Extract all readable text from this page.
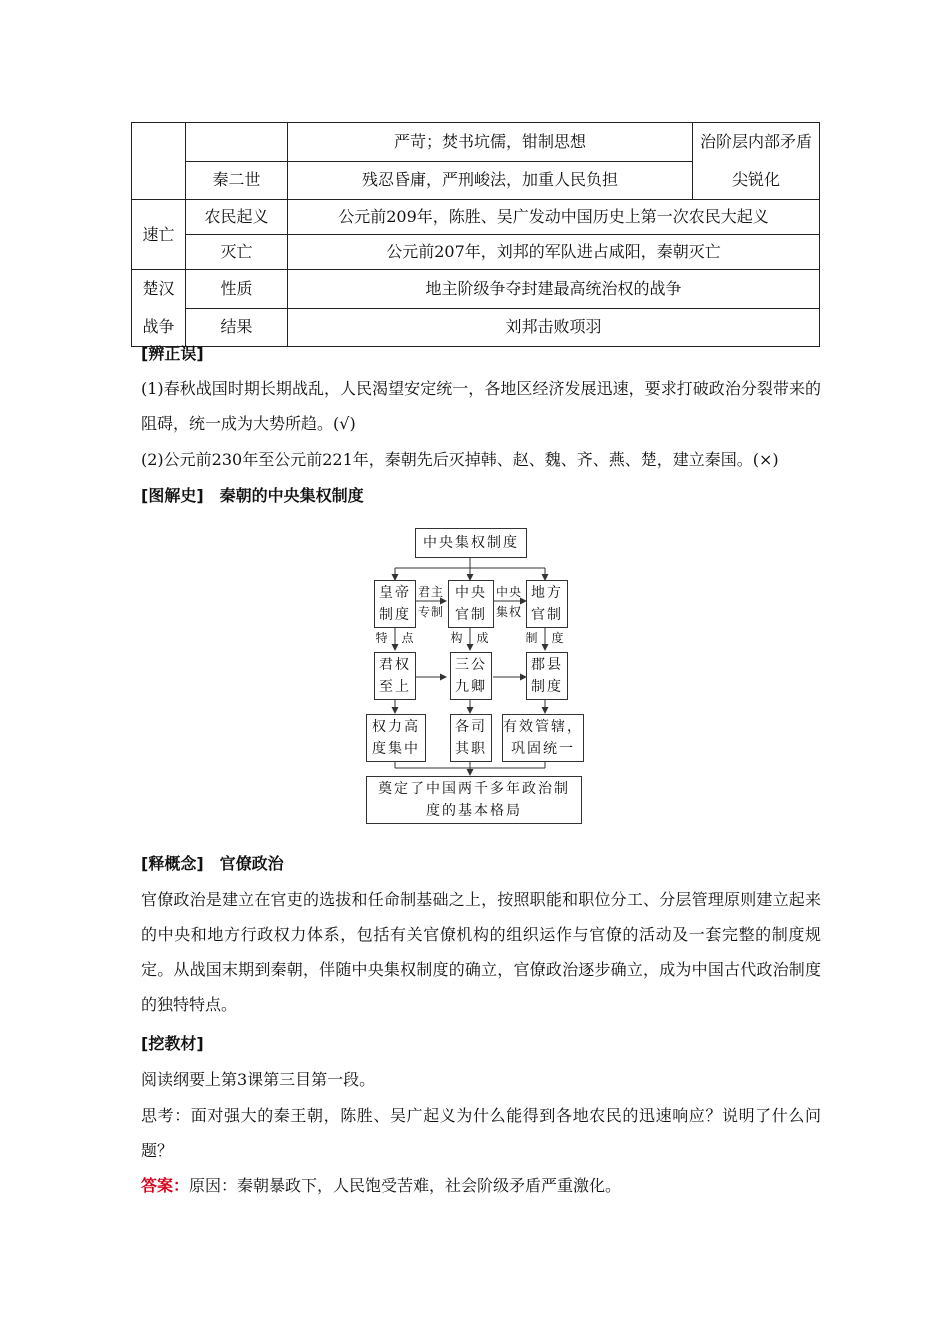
		严苛；焚书坑儒，钳制思想	治阶层内部矛盾尖锐化
	秦二世	残忍昏庸，严刑峻法，加重人民负担	
速亡	农民起义	公元前209年，陈胜、吴广发动中国历史上第一次农民大起义	
	灭亡	公元前207年，刘邦的军队进占咸阳，秦朝灭亡	
楚汉战争	性质	地主阶级争夺封建最高统治权的战争	
	结果	刘邦击败项羽	
[辨正误]
(1)春秋战国时期长期战乱，人民渴望安定统一，各地区经济发展迅速，要求打破政治分裂带来的阻碍，统一成为大势所趋。(√)
(2)公元前230年至公元前221年，秦朝先后灭掉韩、赵、魏、齐、燕、楚，建立秦国。(×)
[图解史]　秦朝的中央集权制度
中央集权制度
皇帝制度
中央官制
地方官制
君主专制
中央集权
特　点	构　成	制　度
君权至上
三公九卿
郡县制度
权力高度集中
各司其职
有效管辖，巩固统一
奠定了中国两千多年政治制度的基本格局
[释概念]　官僚政治
官僚政治是建立在官吏的选拔和任命制基础之上，按照职能和职位分工、分层管理原则建立起来的中央和地方行政权力体系，包括有关官僚机构的组织运作与官僚的活动及一套完整的制度规定。从战国末期到秦朝，伴随中央集权制度的确立，官僚政治逐步确立，成为中国古代政治制度的独特特点。
[挖教材]
阅读纲要上第3课第三目第一段。
思考：面对强大的秦王朝，陈胜、吴广起义为什么能得到各地农民的迅速响应？说明了什么问题？
答案：原因：秦朝暴政下，人民饱受苦难，社会阶级矛盾严重激化。
